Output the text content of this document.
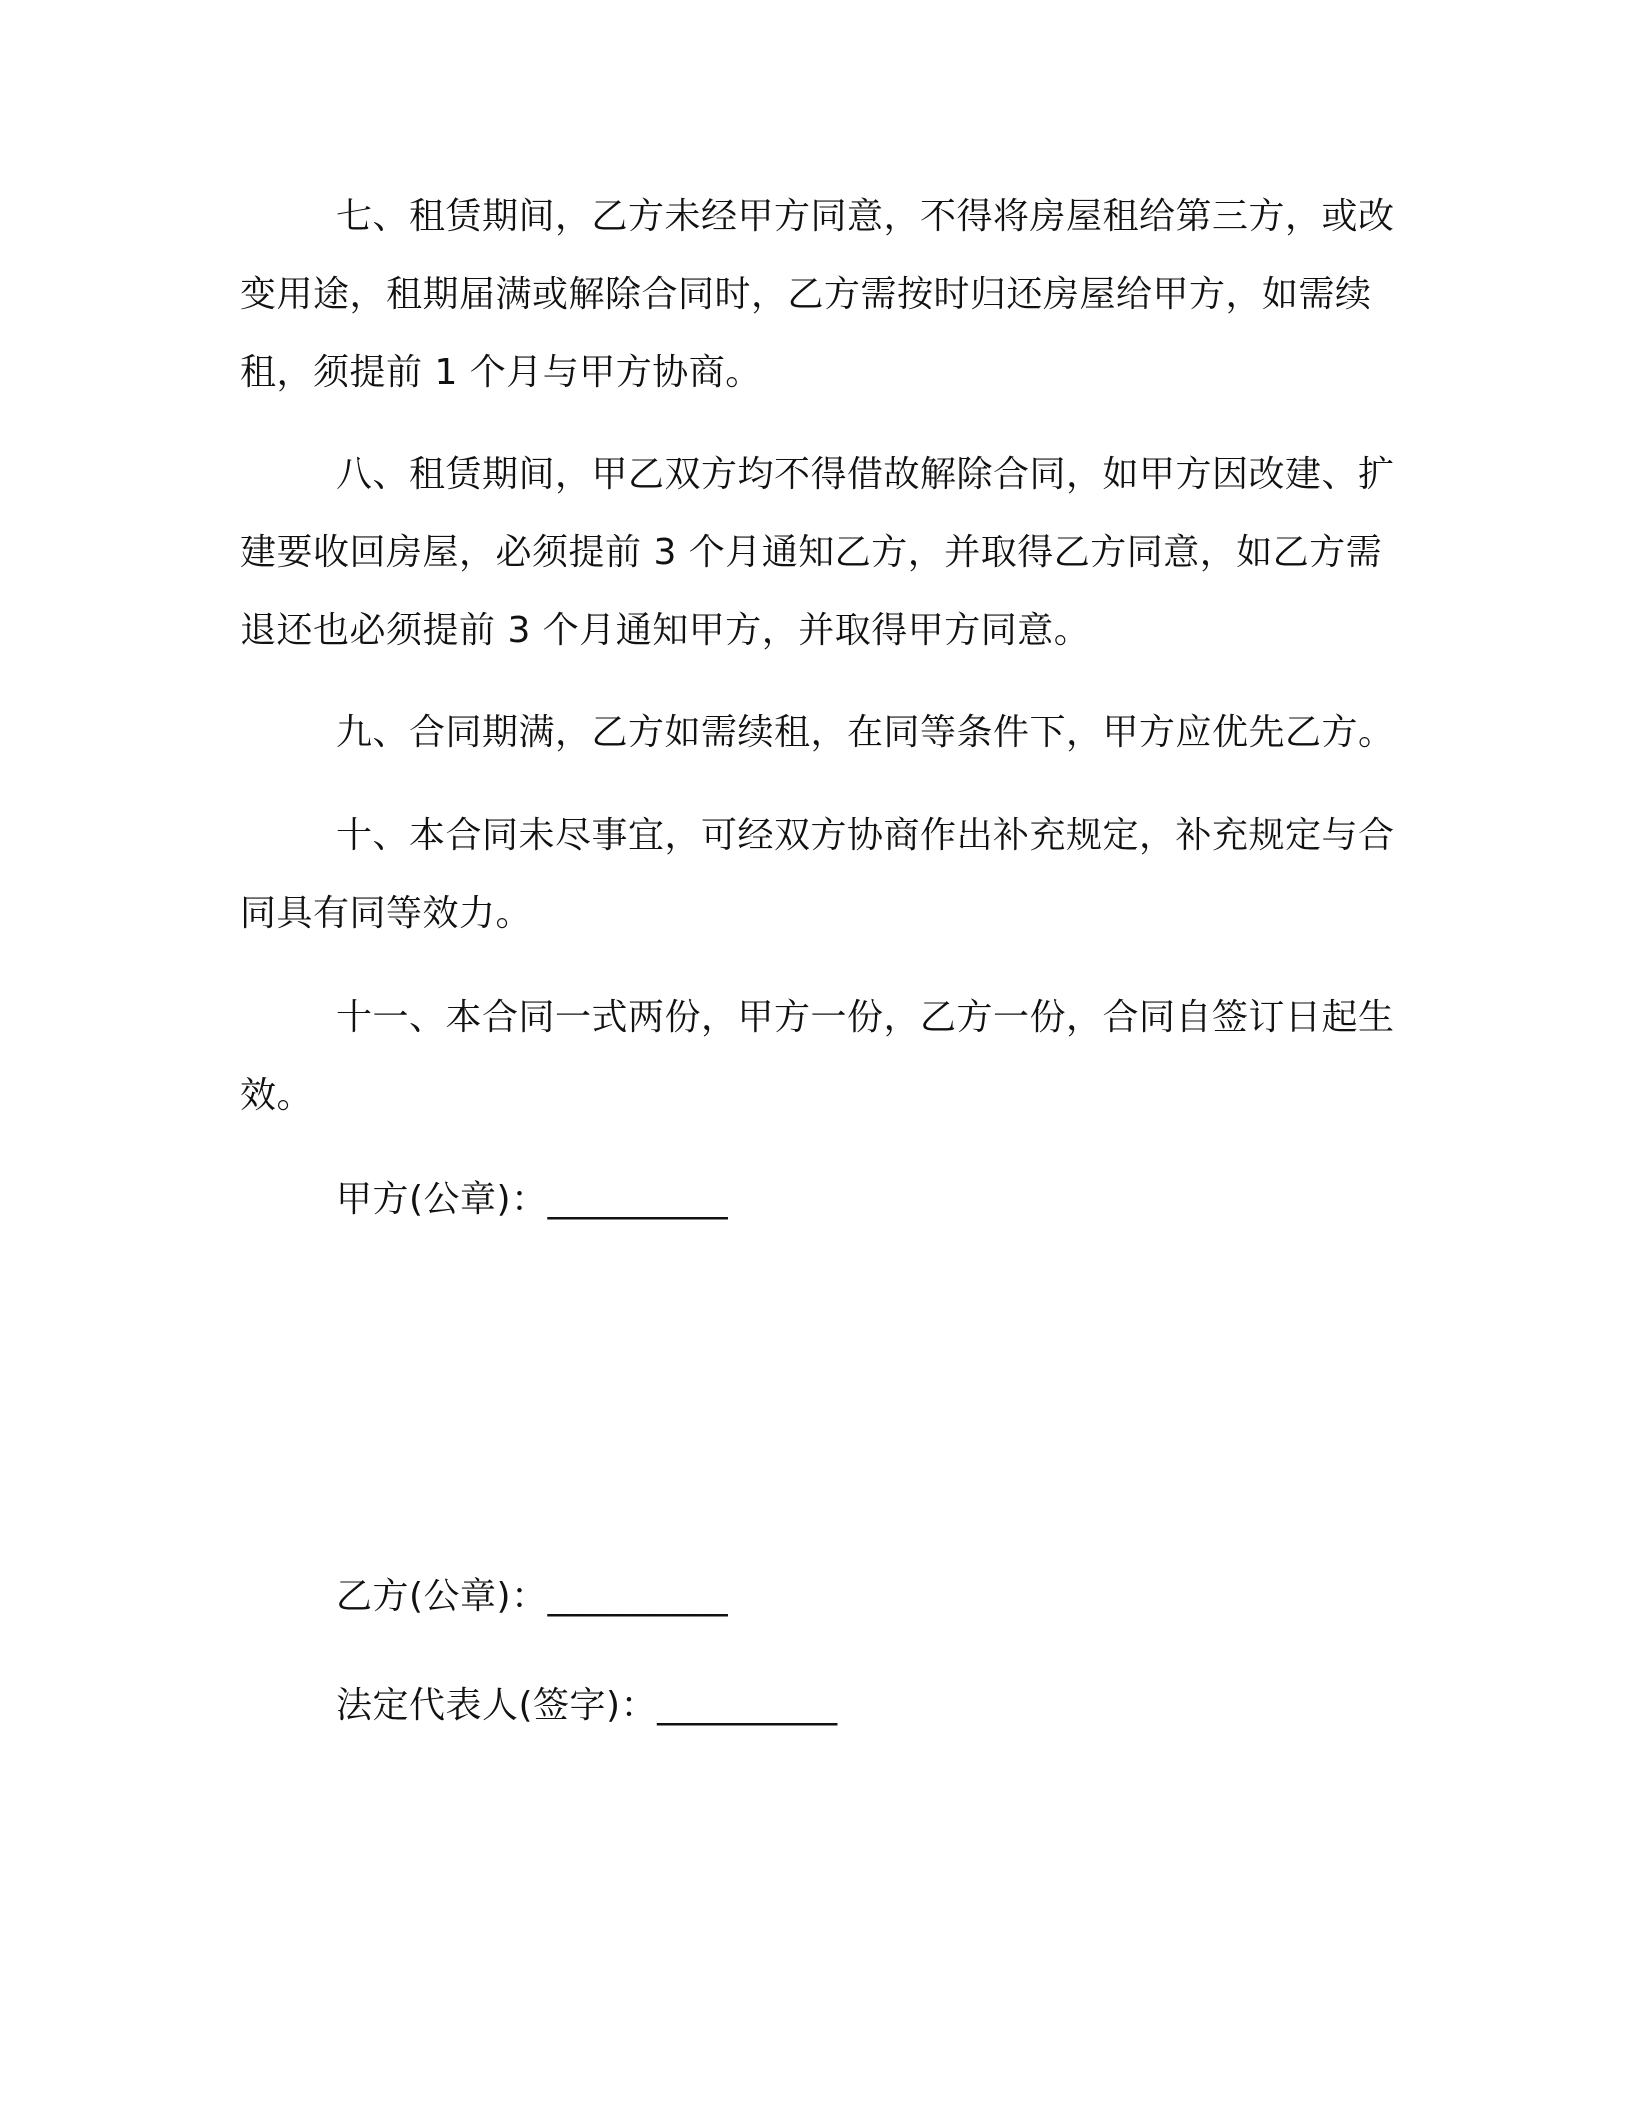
七、租赁期间，乙方未经甲方同意，不得将房屋租给第三方，或改变用途，租期届满或解除合同时，乙方需按时归还房屋给甲方，如需续租，须提前 1 个月与甲方协商。

八、租赁期间，甲乙双方均不得借故解除合同，如甲方因改建、扩建要收回房屋，必须提前 3 个月通知乙方，并取得乙方同意，如乙方需退还也必须提前 3 个月通知甲方，并取得甲方同意。

九、合同期满，乙方如需续租，在同等条件下，甲方应优先乙方。

十、本合同未尽事宜，可经双方协商作出补充规定，补充规定与合同具有同等效力。

十一、本合同一式两份，甲方一份，乙方一份，合同自签订日起生效。

甲方(公章)：__________

乙方(公章)：__________

法定代表人(签字)：__________
